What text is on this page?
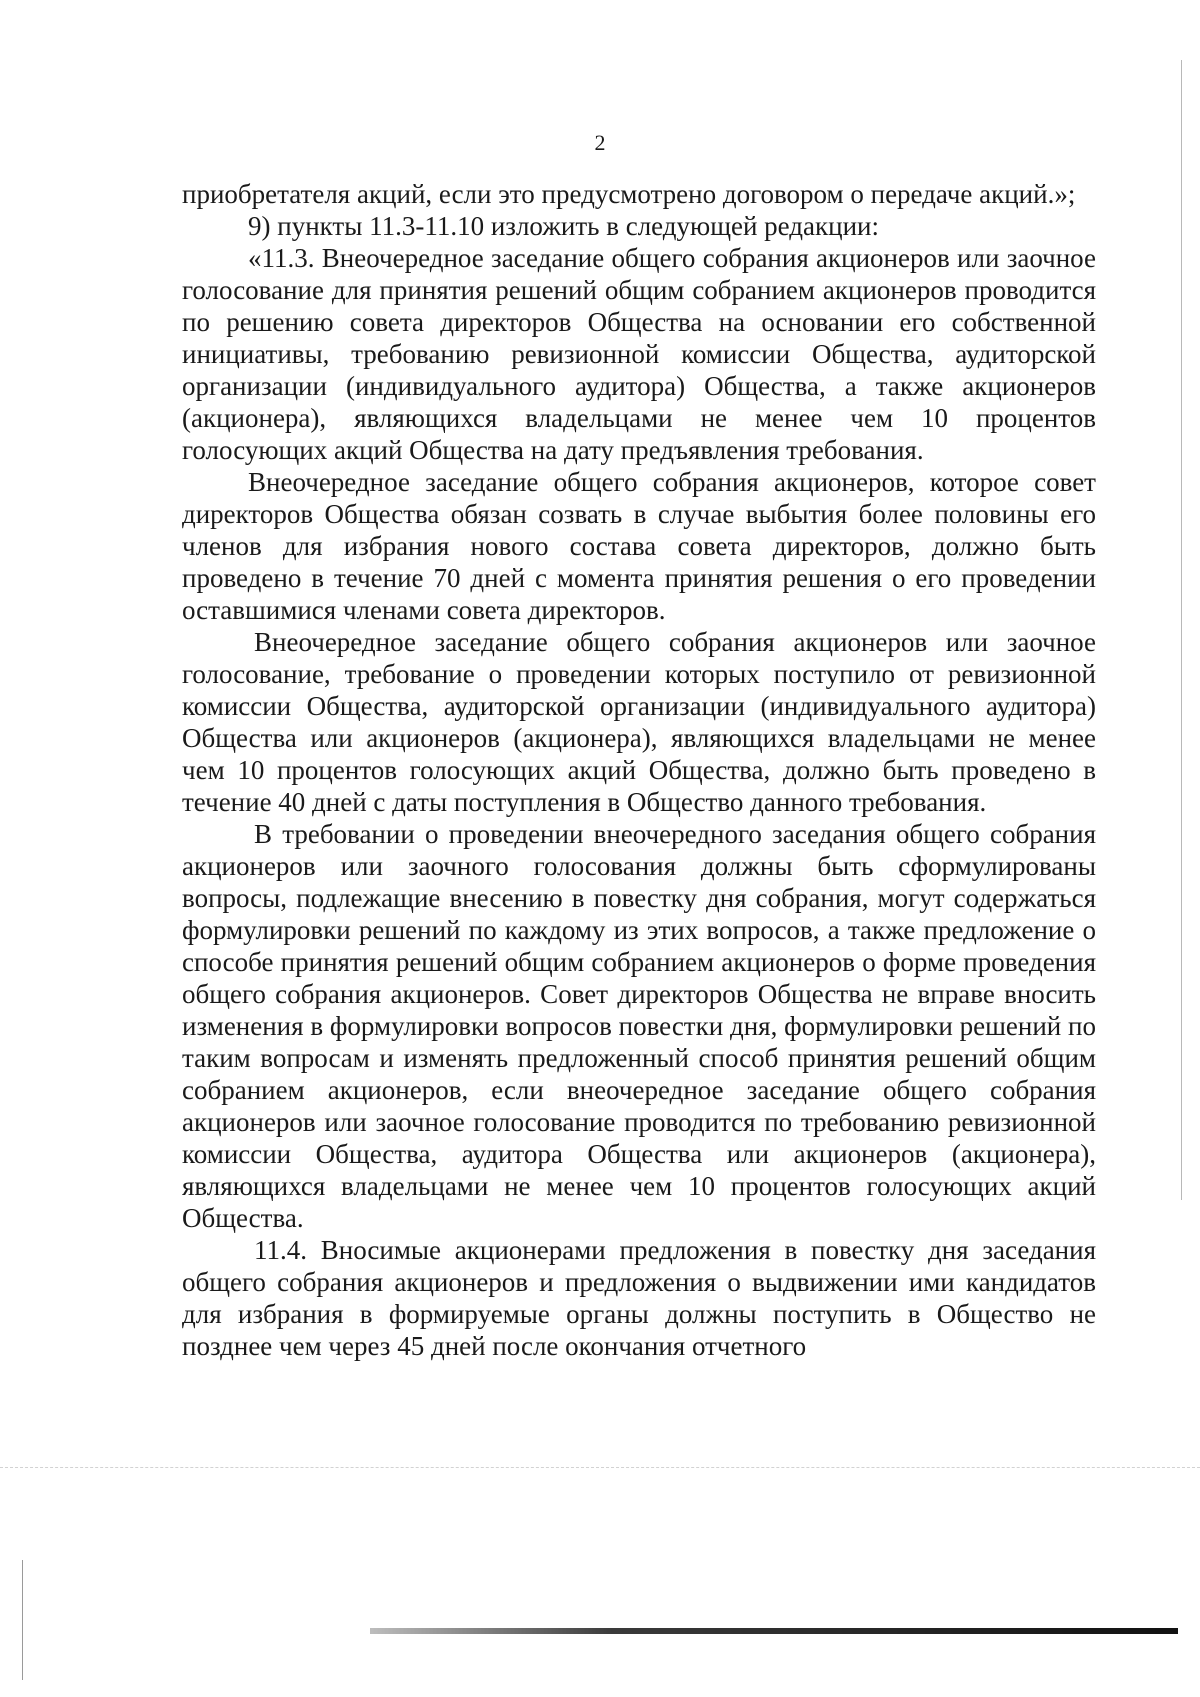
2

приобретателя акций, если это предусмотрено договором о передаче акций.»;

9) пункты 11.3-11.10 изложить в следующей редакции:

«11.3. Внеочередное заседание общего собрания акционеров или заочное голосование для принятия решений общим собранием акционеров проводится по решению совета директоров Общества на основании его собственной инициативы, требованию ревизионной комиссии Общества, аудиторской организации (индивидуального аудитора) Общества, а также акционеров (акционера), являющихся владельцами не менее чем 10 процентов голосующих акций Общества на дату предъявления требования.

Внеочередное заседание общего собрания акционеров, которое совет директоров Общества обязан созвать в случае выбытия более половины его членов для избрания нового состава совета директоров, должно быть проведено в течение 70 дней с момента принятия решения о его проведении оставшимися членами совета директоров.

Внеочередное заседание общего собрания акционеров или заочное голосование, требование о проведении которых поступило от ревизионной комиссии Общества, аудиторской организации (индивидуального аудитора) Общества или акционеров (акционера), являющихся владельцами не менее чем 10 процентов голосующих акций Общества, должно быть проведено в течение 40 дней с даты поступления в Общество данного требования.

В требовании о проведении внеочередного заседания общего собрания акционеров или заочного голосования должны быть сформулированы вопросы, подлежащие внесению в повестку дня собрания, могут содержаться формулировки решений по каждому из этих вопросов, а также предложение о способе принятия решений общим собранием акционеров о форме проведения общего собрания акционеров. Совет директоров Общества не вправе вносить изменения в формулировки вопросов повестки дня, формулировки решений по таким вопросам и изменять предложенный способ принятия решений общим собранием акционеров, если внеочередное заседание общего собрания акционеров или заочное голосование проводится по требованию ревизионной комиссии Общества, аудитора Общества или акционеров (акционера), являющихся владельцами не менее чем 10 процентов голосующих акций Общества.

11.4. Вносимые акционерами предложения в повестку дня заседания общего собрания акционеров и предложения о выдвижении ими кандидатов для избрания в формируемые органы должны поступить в Общество не позднее чем через 45 дней после окончания отчетного
